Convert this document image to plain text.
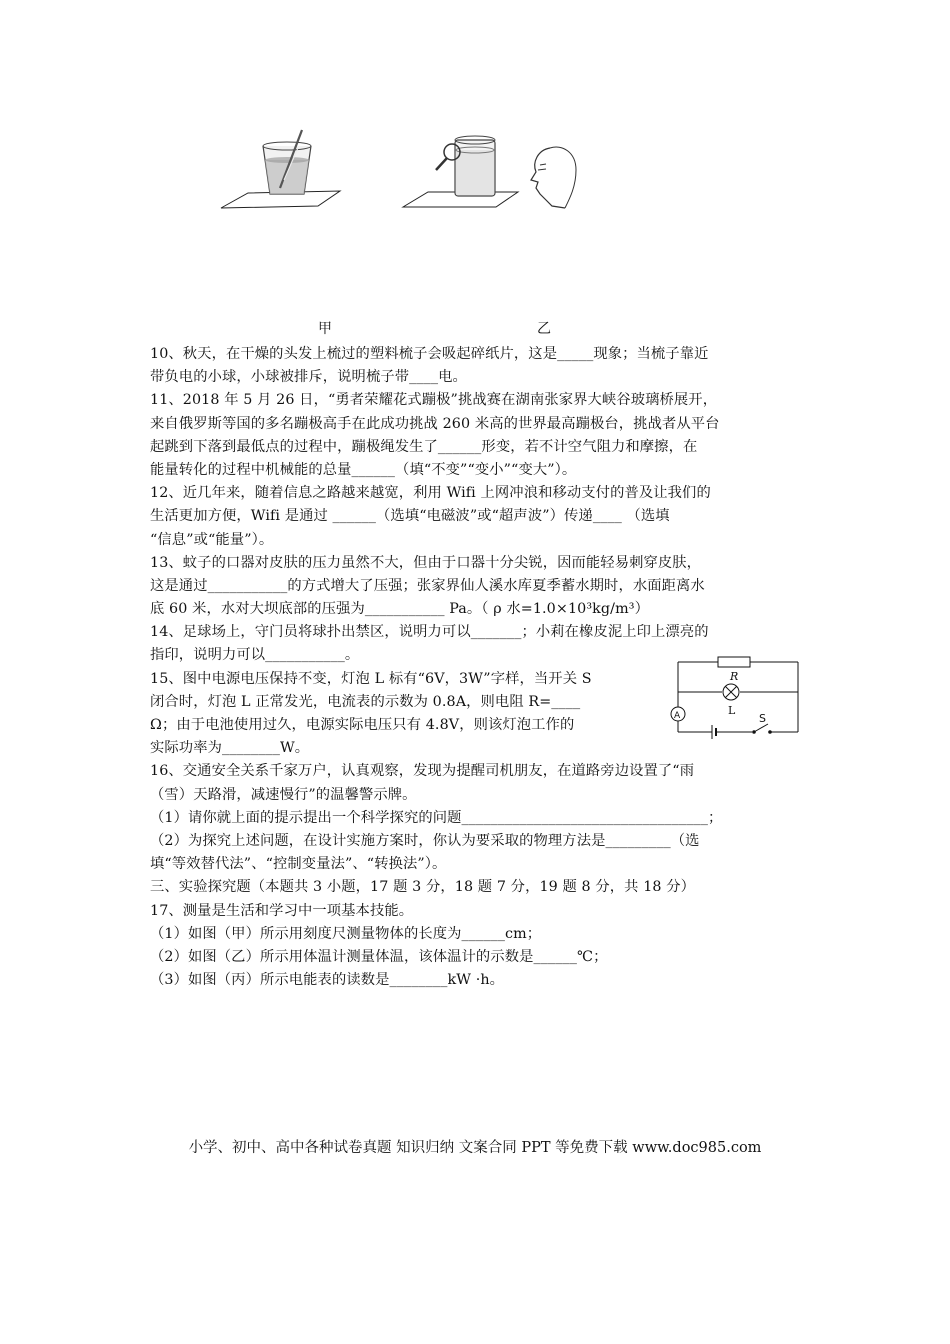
甲	乙
10、秋天，在干燥的头发上梳过的塑料梳子会吸起碎纸片，这是_____现象；当梳子靠近
带负电的小球，小球被排斥，说明梳子带____电。
11、2018 年 5 月 26 日，“勇者荣耀花式蹦极”挑战赛在湖南张家界大峡谷玻璃桥展开，
来自俄罗斯等国的多名蹦极高手在此成功挑战 260 米高的世界最高蹦极台，挑战者从平台
起跳到下落到最低点的过程中，蹦极绳发生了______形变，若不计空气阻力和摩擦，在
能量转化的过程中机械能的总量______（填“不变”“变小”“变大”）。
12、近几年来，随着信息之路越来越宽，利用 Wifi 上网冲浪和移动支付的普及让我们的
生活更加方便，Wifi 是通过 ______（选填“电磁波”或“超声波”）传递____ （选填
“信息”或“能量”）。
13、蚊子的口器对皮肤的压力虽然不大，但由于口器十分尖锐，因而能轻易刺穿皮肤，
这是通过___________的方式增大了压强；张家界仙人溪水库夏季蓄水期时，水面距离水
底 60 米，水对大坝底部的压强为___________ Pa。（ ρ 水=1.0×10³kg/m³）
14、足球场上，守门员将球扑出禁区，说明力可以_______；小莉在橡皮泥上印上漂亮的
指印，说明力可以___________。
15、图中电源电压保持不变，灯泡 L 标有“6V，3W”字样，当开关 S
闭合时，灯泡 L 正常发光，电流表的示数为 0.8A，则电阻 R=____
Ω；由于电池使用过久，电源实际电压只有 4.8V，则该灯泡工作的
实际功率为________W。
16、交通安全关系千家万户，认真观察，发现为提醒司机朋友，在道路旁边设置了“雨
（雪）天路滑，减速慢行”的温馨警示牌。
（1）请你就上面的提示提出一个科学探究的问题__________________________________；
（2）为探究上述问题，在设计实施方案时，你认为要采取的物理方法是_________（选
填“等效替代法”、“控制变量法”、“转换法”）。
三、实验探究题（本题共 3 小题，17 题 3 分，18 题 7 分，19 题 8 分，共 18 分）
17、测量是生活和学习中一项基本技能。
（1）如图（甲）所示用刻度尺测量物体的长度为______cm；
（2）如图（乙）所示用体温计测量体温，该体温计的示数是______℃；
（3）如图（丙）所示电能表的读数是________kW ·h。
R
L
A	S
小学、初中、高中各种试卷真题 知识归纳 文案合同 PPT 等免费下载 www.doc985.com
